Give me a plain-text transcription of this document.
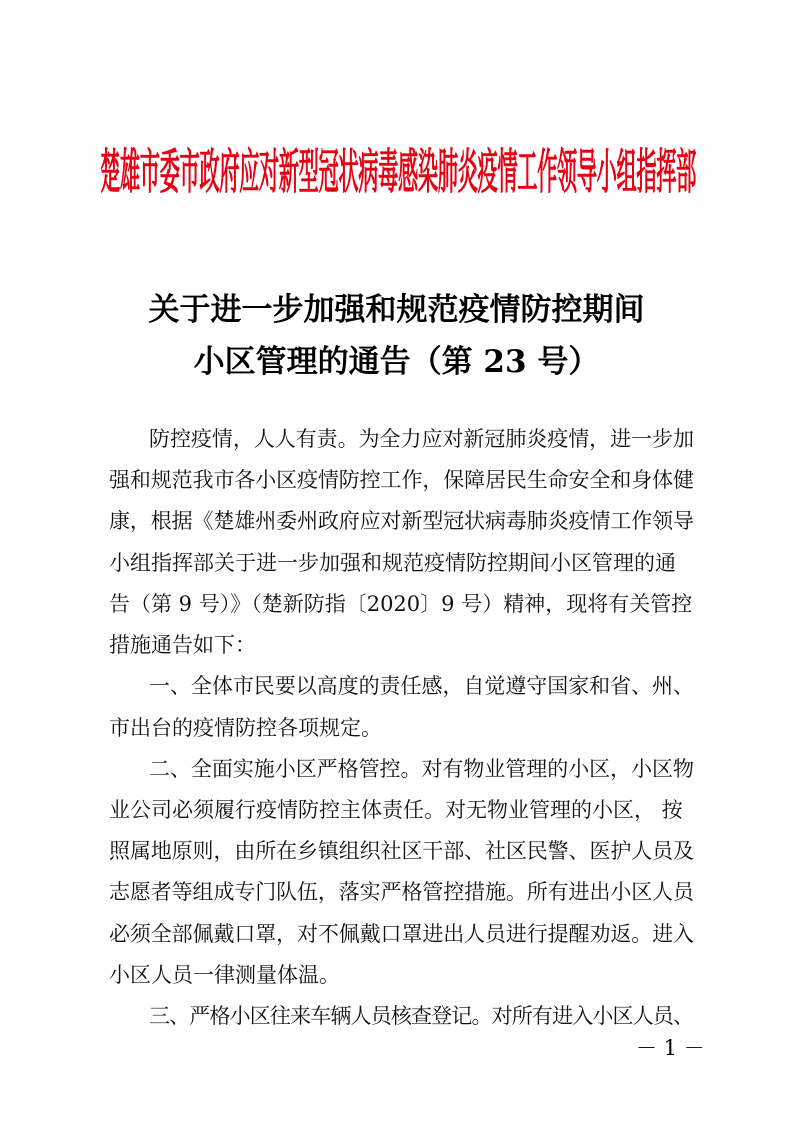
楚雄市委市政府应对新型冠状病毒感染肺炎疫情工作领导小组指挥部
关于进一步加强和规范疫情防控期间
小区管理的通告（第 23 号）
防控疫情，人人有责。为全力应对新冠肺炎疫情，进一步加
强和规范我市各小区疫情防控工作，保障居民生命安全和身体健
康，根据《楚雄州委州政府应对新型冠状病毒肺炎疫情工作领导
小组指挥部关于进一步加强和规范疫情防控期间小区管理的通
告（第 9 号）》（楚新防指〔2020〕9 号）精神，现将有关管控
措施通告如下：
一、全体市民要以高度的责任感，自觉遵守国家和省、州、
市出台的疫情防控各项规定。
二、全面实施小区严格管控。对有物业管理的小区，小区物
业公司必须履行疫情防控主体责任。对无物业管理的小区， 按
照属地原则，由所在乡镇组织社区干部、社区民警、医护人员及
志愿者等组成专门队伍，落实严格管控措施。所有进出小区人员
必须全部佩戴口罩，对不佩戴口罩进出人员进行提醒劝返。进入
小区人员一律测量体温。
三、严格小区往来车辆人员核查登记。对所有进入小区人员、
－ 1 －
